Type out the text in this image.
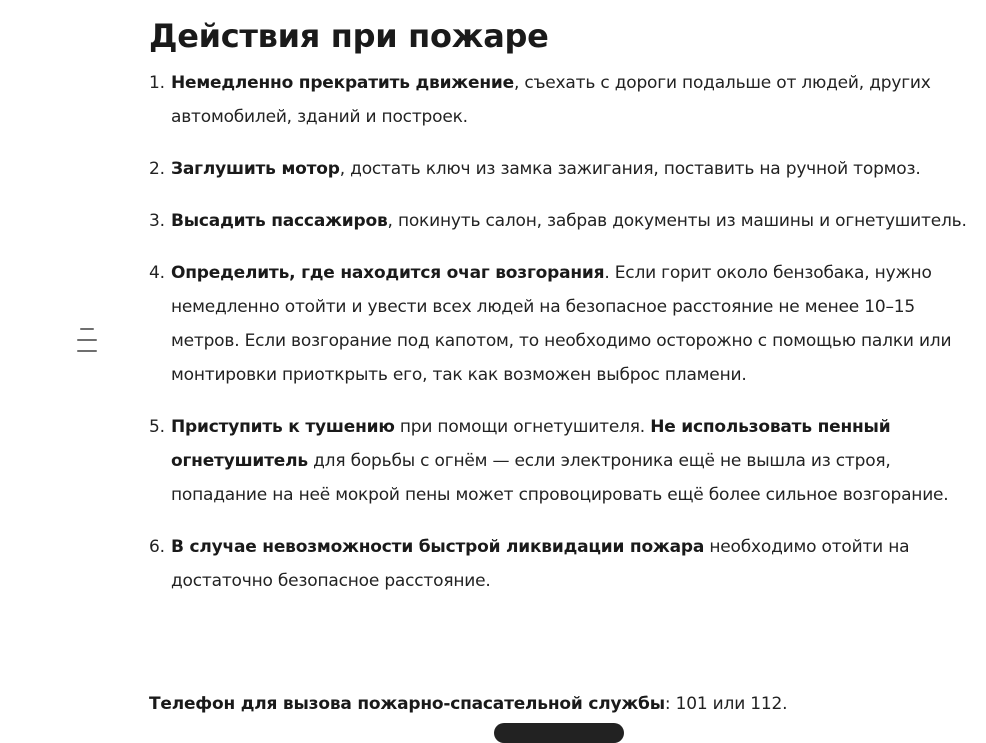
Действия при пожаре
1. Немедленно прекратить движение, съехать с дороги подальше от людей, других автомобилей, зданий и построек.
2. Заглушить мотор, достать ключ из замка зажигания, поставить на ручной тормоз.
3. Высадить пассажиров, покинуть салон, забрав документы из машины и огнетушитель.
4. Определить, где находится очаг возгорания. Если горит около бензобака, нужно немедленно отойти и увести всех людей на безопасное расстояние не менее 10–15 метров. Если возгорание под капотом, то необходимо осторожно с помощью палки или монтировки приоткрыть его, так как возможен выброс пламени.
5. Приступить к тушению при помощи огнетушителя. Не использовать пенный огнетушитель для борьбы с огнём — если электроника ещё не вышла из строя, попадание на неё мокрой пены может спровоцировать ещё более сильное возгорание.
6. В случае невозможности быстрой ликвидации пожара необходимо отойти на достаточно безопасное расстояние.

Телефон для вызова пожарно-спасательной службы: 101 или 112.
